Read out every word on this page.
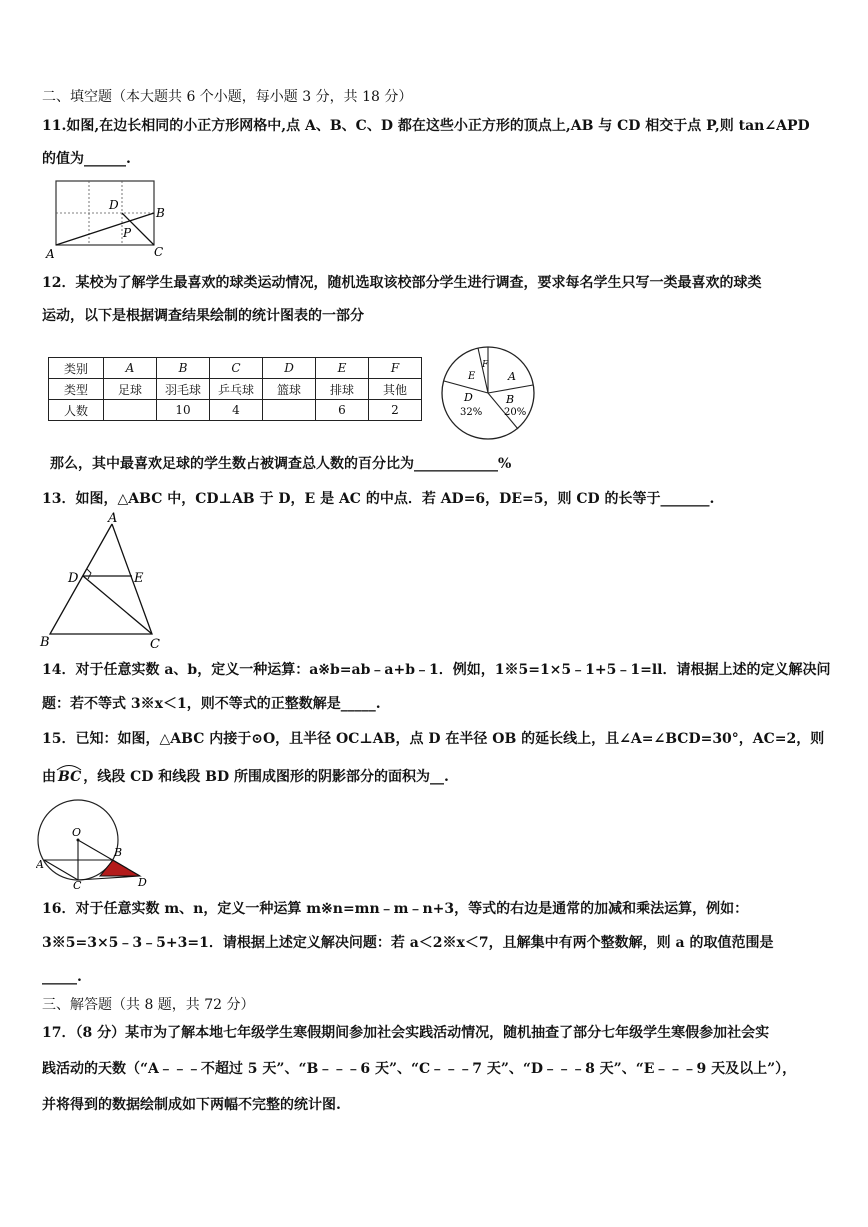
二、填空题（本大题共 6 个小题，每小题 3 分，共 18 分）
11.如图,在边长相同的小正方形网格中,点 A、B、C、D 都在这些小正方形的顶点上,AB 与 CD 相交于点 P,则 tan∠APD
的值为______.
A
B
C
D
P
12．某校为了解学生最喜欢的球类运动情况，随机选取该校部分学生进行调查，要求每名学生只写一类最喜欢的球类
运动，以下是根据调查结果绘制的统计图表的一部分
类别	A	B	C	D	E	F
类型	足球	羽毛球	乒乓球	篮球	排球	其他
人数		10	4		6	2
A
B
20%
D
32%
E
F
那么，其中最喜欢足球的学生数占被调查总人数的百分比为____________%
13．如图，△ABC 中，CD⊥AB 于 D，E 是 AC 的中点．若 AD=6，DE=5，则 CD 的长等于_______.
A
B	C
D	E
14．对于任意实数 a、b，定义一种运算：a※b=ab﹣a+b﹣1．例如，1※5=1×5﹣1+5﹣1=ll．请根据上述的定义解决问
题：若不等式 3※x＜1，则不等式的正整数解是_____.
15．已知：如图，△ABC 内接于⊙O，且半径 OC⊥AB，点 D 在半径 OB 的延长线上，且∠A=∠BCD=30°，AC=2，则
由 BC ，线段 CD 和线段 BD 所围成图形的阴影部分的面积为__.
O
A
B
C	D
16．对于任意实数 m、n，定义一种运算 m※n=mn﹣m﹣n+3，等式的右边是通常的加减和乘法运算，例如：
3※5=3×5﹣3﹣5+3=1．请根据上述定义解决问题：若 a＜2※x＜7，且解集中有两个整数解，则 a 的取值范围是
_____.
三、解答题（共 8 题，共 72 分）
17．（8 分）某市为了解本地七年级学生寒假期间参加社会实践活动情况，随机抽查了部分七年级学生寒假参加社会实
践活动的天数（“A﹣﹣﹣不超过 5 天”、“B﹣﹣﹣6 天”、“C﹣﹣﹣7 天”、“D﹣﹣﹣8 天”、“E﹣﹣﹣9 天及以上”），
并将得到的数据绘制成如下两幅不完整的统计图.
